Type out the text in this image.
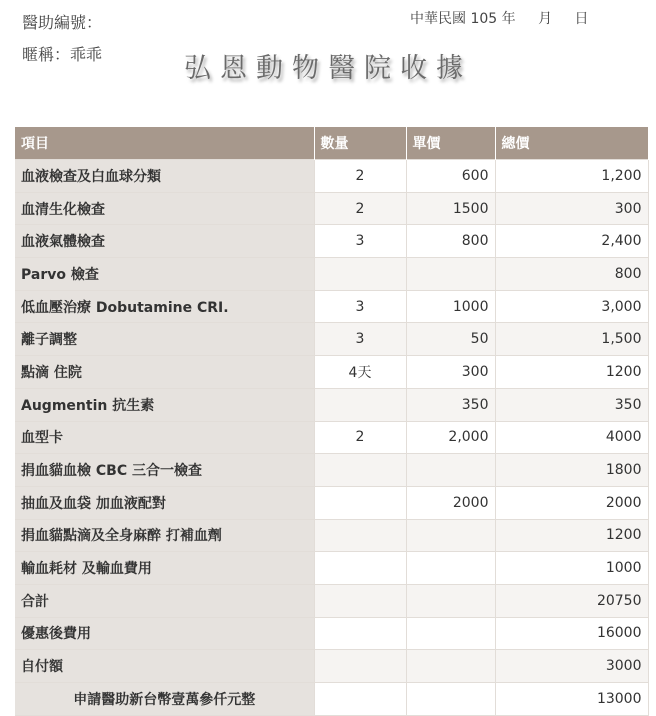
醫助編號：
暱稱：乖乖
中華民國 105 年 月 日
弘恩動物醫院收據
項目	數量	單價	總價
血液檢查及白血球分類	2	600	1,200
血清生化檢查	2	1500	300
血液氣體檢查	3	800	2,400
Parvo 檢查			800
低血壓治療 Dobutamine CRI.	3	1000	3,000
離子調整	3	50	1,500
點滴 住院	4天	300	1200
Augmentin 抗生素		350	350
血型卡	2	2,000	4000
捐血貓血檢 CBC 三合一檢查			1800
抽血及血袋 加血液配對		2000	2000
捐血貓點滴及全身麻醉 打補血劑			1200
輸血耗材 及輸血費用			1000
合計			20750
優惠後費用			16000
自付額			3000
申請醫助新台幣壹萬參仟元整			13000
